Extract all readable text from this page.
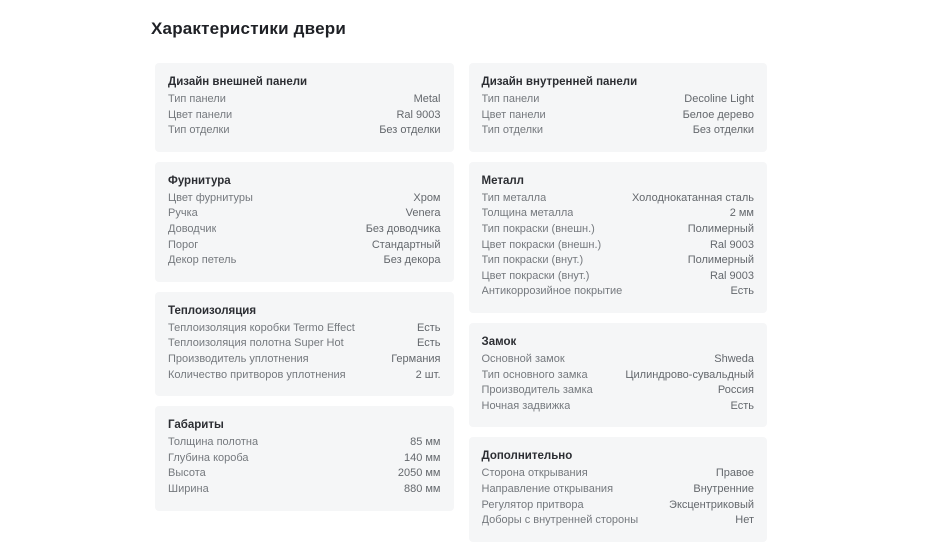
Характеристики двери
Дизайн внешней панели
Тип панели	Metal
Цвет панели	Ral 9003
Тип отделки	Без отделки
Фурнитура
Цвет фурнитуры	Хром
Ручка	Venera
Доводчик	Без доводчика
Порог	Стандартный
Декор петель	Без декора
Теплоизоляция
Теплоизоляция коробки Termo Effect	Есть
Теплоизоляция полотна Super Hot	Есть
Производитель уплотнения	Германия
Количество притворов уплотнения	2 шт.
Габариты
Толщина полотна	85 мм
Глубина короба	140 мм
Высота	2050 мм
Ширина	880 мм
Дизайн внутренней панели
Тип панели	Decoline Light
Цвет панели	Белое дерево
Тип отделки	Без отделки
Металл
Тип металла	Холоднокатанная сталь
Толщина металла	2 мм
Тип покраски (внешн.)	Полимерный
Цвет покраски (внешн.)	Ral 9003
Тип покраски (внут.)	Полимерный
Цвет покраски (внут.)	Ral 9003
Антикоррозийное покрытие	Есть
Замок
Основной замок	Shweda
Тип основного замка	Цилиндрово-сувальдный
Производитель замка	Россия
Ночная задвижка	Есть
Дополнительно
Сторона открывания	Правое
Направление открывания	Внутренние
Регулятор притвора	Эксцентриковый
Доборы с внутренней стороны	Нет
